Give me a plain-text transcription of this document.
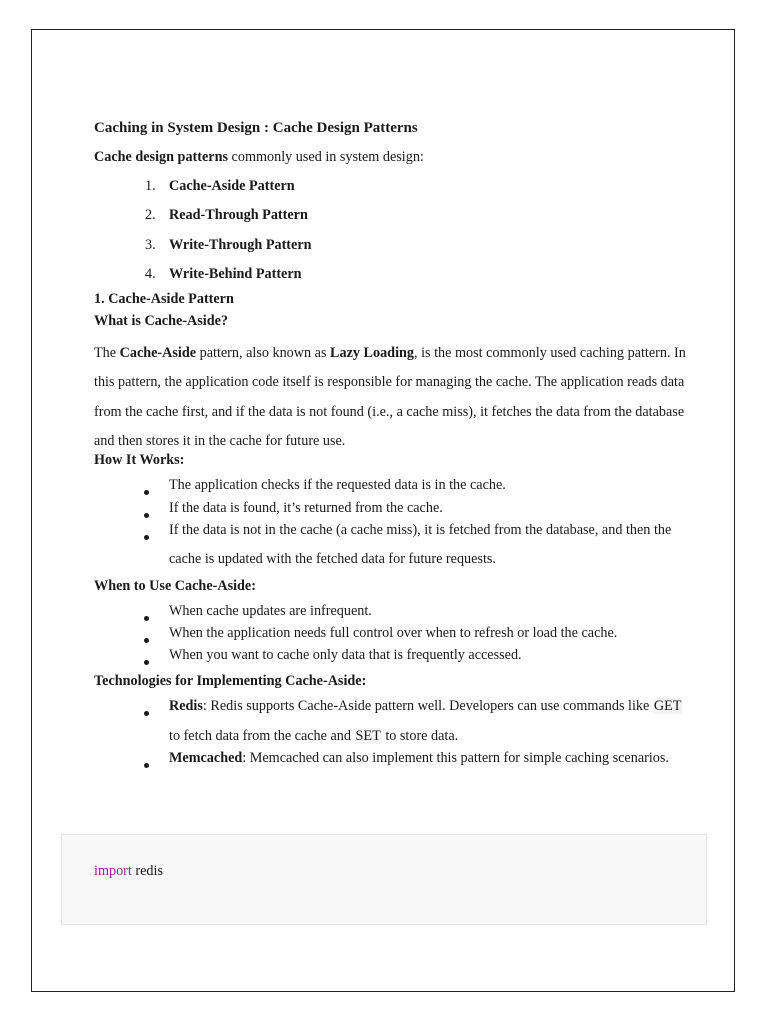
Caching in System Design : Cache Design Patterns

Cache design patterns commonly used in system design:

1. Cache-Aside Pattern
2. Read-Through Pattern
3. Write-Through Pattern
4. Write-Behind Pattern
1. Cache-Aside Pattern
What is Cache-Aside?

The Cache-Aside pattern, also known as Lazy Loading, is the most commonly used caching pattern. In this pattern, the application code itself is responsible for managing the cache. The application reads data from the cache first, and if the data is not found (i.e., a cache miss), it fetches the data from the database and then stores it in the cache for future use.

How It Works:
The application checks if the requested data is in the cache.
If the data is found, it’s returned from the cache.
If the data is not in the cache (a cache miss), it is fetched from the database, and then the cache is updated with the fetched data for future requests.
When to Use Cache-Aside:
When cache updates are infrequent.
When the application needs full control over when to refresh or load the cache.
When you want to cache only data that is frequently accessed.
Technologies for Implementing Cache-Aside:
Redis: Redis supports Cache-Aside pattern well. Developers can use commands like GET to fetch data from the cache and SET to store data.
Memcached: Memcached can also implement this pattern for simple caching scenarios.
import redis
